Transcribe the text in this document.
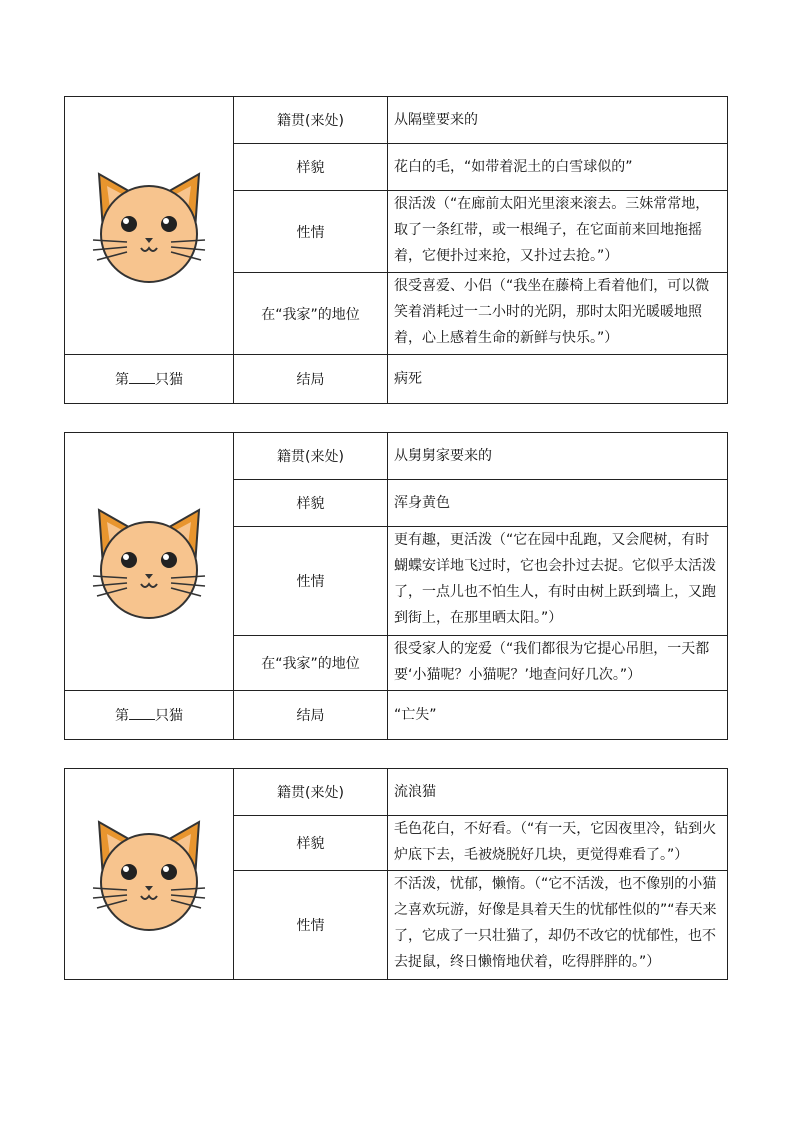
	籍贯(来处)	从隔壁要来的
	样貌	花白的毛，“如带着泥土的白雪球似的”
	性情	很活泼（“在廊前太阳光里滚来滚去。三妹常常地，取了一条红带，或一根绳子，在它面前来回地拖摇着，它便扑过来抢，又扑过去抢。”）
	在“我家”的地位	很受喜爱、小侣（“我坐在藤椅上看着他们，可以微笑着消耗过一二小时的光阴，那时太阳光暖暖地照着，心上感着生命的新鲜与快乐。”）
第 只猫	结局	病死
	籍贯(来处)	从舅舅家要来的
	样貌	浑身黄色
	性情	更有趣，更活泼（“它在园中乱跑，又会爬树，有时蝴蝶安详地飞过时，它也会扑过去捉。它似乎太活泼了，一点儿也不怕生人，有时由树上跃到墙上，又跑到街上，在那里晒太阳。”）
	在“我家”的地位	很受家人的宠爱（“我们都很为它提心吊胆，一天都要‘小猫呢？小猫呢？’地查问好几次。”）
第 只猫	结局	“亡失”
	籍贯(来处)	流浪猫
	样貌	毛色花白，不好看。（“有一天，它因夜里冷，钻到火炉底下去，毛被烧脱好几块，更觉得难看了。”）
	性情	不活泼，忧郁，懒惰。（“它不活泼，也不像别的小猫之喜欢玩游，好像是具着天生的忧郁性似的”“春天来了，它成了一只壮猫了，却仍不改它的忧郁性，也不去捉鼠，终日懒惰地伏着，吃得胖胖的。”）
